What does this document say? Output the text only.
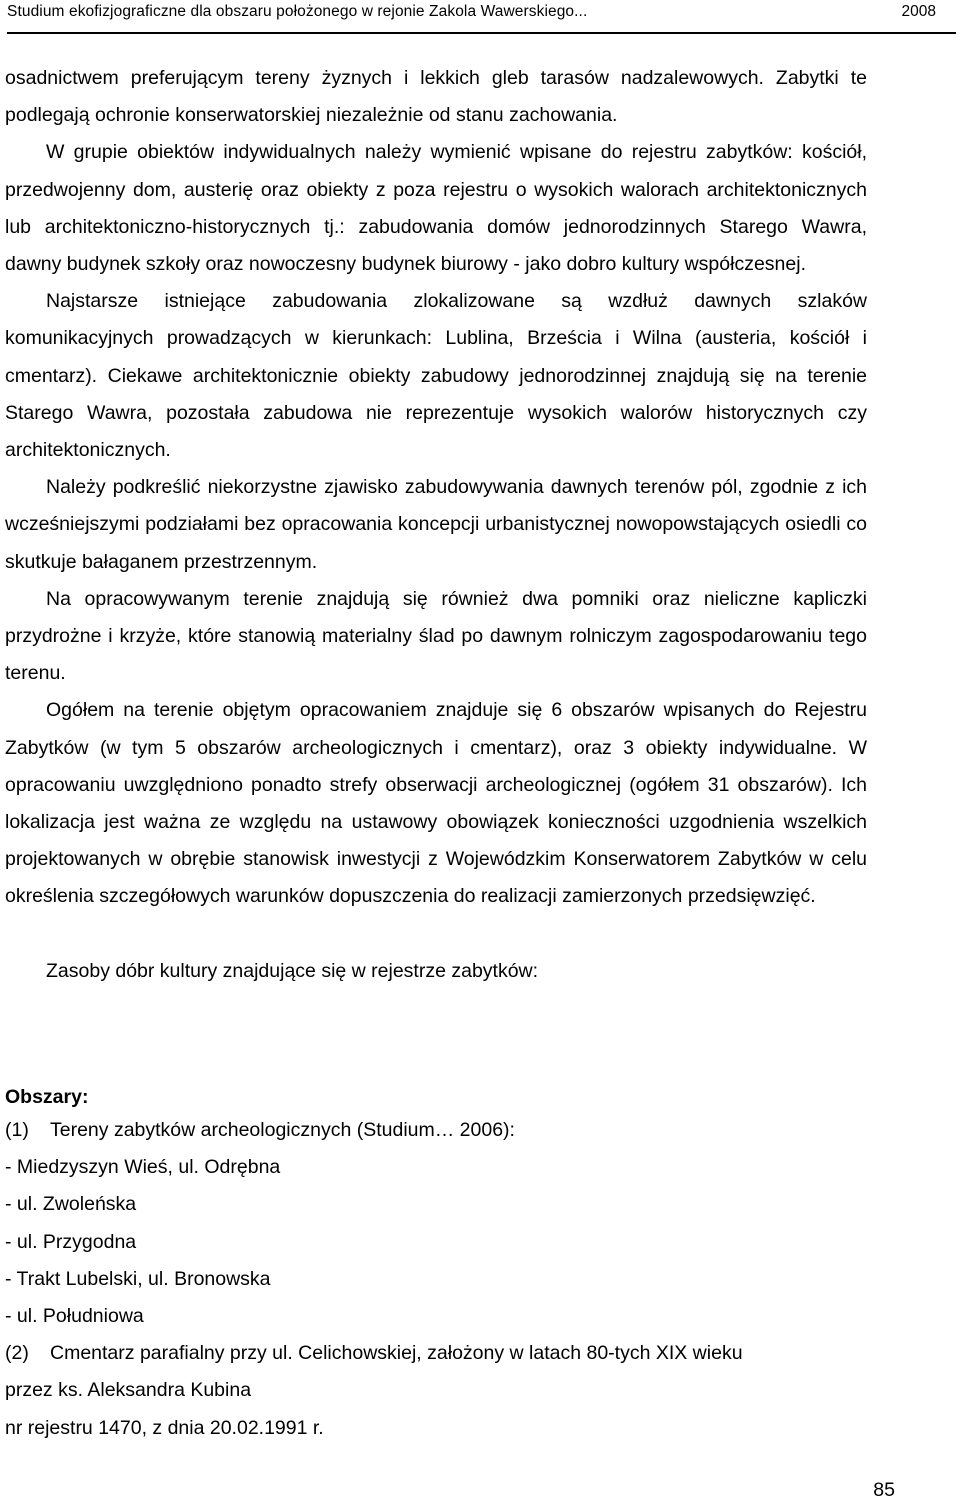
Studium ekofizjograficzne dla obszaru położonego w rejonie Zakola Wawerskiego...	2008

osadnictwem preferującym tereny żyznych i lekkich gleb tarasów nadzalewowych. Zabytki te podlegają ochronie konserwatorskiej niezależnie od stanu zachowania.

W grupie obiektów indywidualnych należy wymienić wpisane do rejestru zabytków: kościół, przedwojenny dom, austerię oraz obiekty z poza rejestru o wysokich walorach architektonicznych lub architektoniczno-historycznych tj.: zabudowania domów jednorodzinnych Starego Wawra, dawny budynek szkoły oraz nowoczesny budynek biurowy - jako dobro kultury współczesnej.

Najstarsze istniejące zabudowania zlokalizowane są wzdłuż dawnych szlaków komunikacyjnych prowadzących w kierunkach: Lublina, Brześcia i Wilna (austeria, kościół i cmentarz). Ciekawe architektonicznie obiekty zabudowy jednorodzinnej znajdują się na terenie Starego Wawra, pozostała zabudowa nie reprezentuje wysokich walorów historycznych czy architektonicznych.

Należy podkreślić niekorzystne zjawisko zabudowywania dawnych terenów pól, zgodnie z ich wcześniejszymi podziałami bez opracowania koncepcji urbanistycznej nowopowstających osiedli co skutkuje bałaganem przestrzennym.

Na opracowywanym terenie znajdują się również dwa pomniki oraz nieliczne kapliczki przydrożne i krzyże, które stanowią materialny ślad po dawnym rolniczym zagospodarowaniu tego terenu.

Ogółem na terenie objętym opracowaniem znajduje się 6 obszarów wpisanych do Rejestru Zabytków (w tym 5 obszarów archeologicznych i cmentarz), oraz 3 obiekty indywidualne. W opracowaniu uwzględniono ponadto strefy obserwacji archeologicznej (ogółem 31 obszarów). Ich lokalizacja jest ważna ze względu na ustawowy obowiązek konieczności uzgodnienia wszelkich projektowanych w obrębie stanowisk inwestycji z Wojewódzkim Konserwatorem Zabytków w celu określenia szczegółowych warunków dopuszczenia do realizacji zamierzonych przedsięwzięć.

Zasoby dóbr kultury znajdujące się w rejestrze zabytków:

Obszary:
(1) Tereny zabytków archeologicznych (Studium… 2006):
- Miedzyszyn Wieś, ul. Odrębna
- ul. Zwoleńska
- ul. Przygodna
- Trakt Lubelski, ul. Bronowska
- ul. Południowa
(2) Cmentarz parafialny przy ul. Celichowskiej, założony w latach 80-tych XIX wieku
przez ks. Aleksandra Kubina
nr rejestru 1470, z dnia 20.02.1991 r.
85
